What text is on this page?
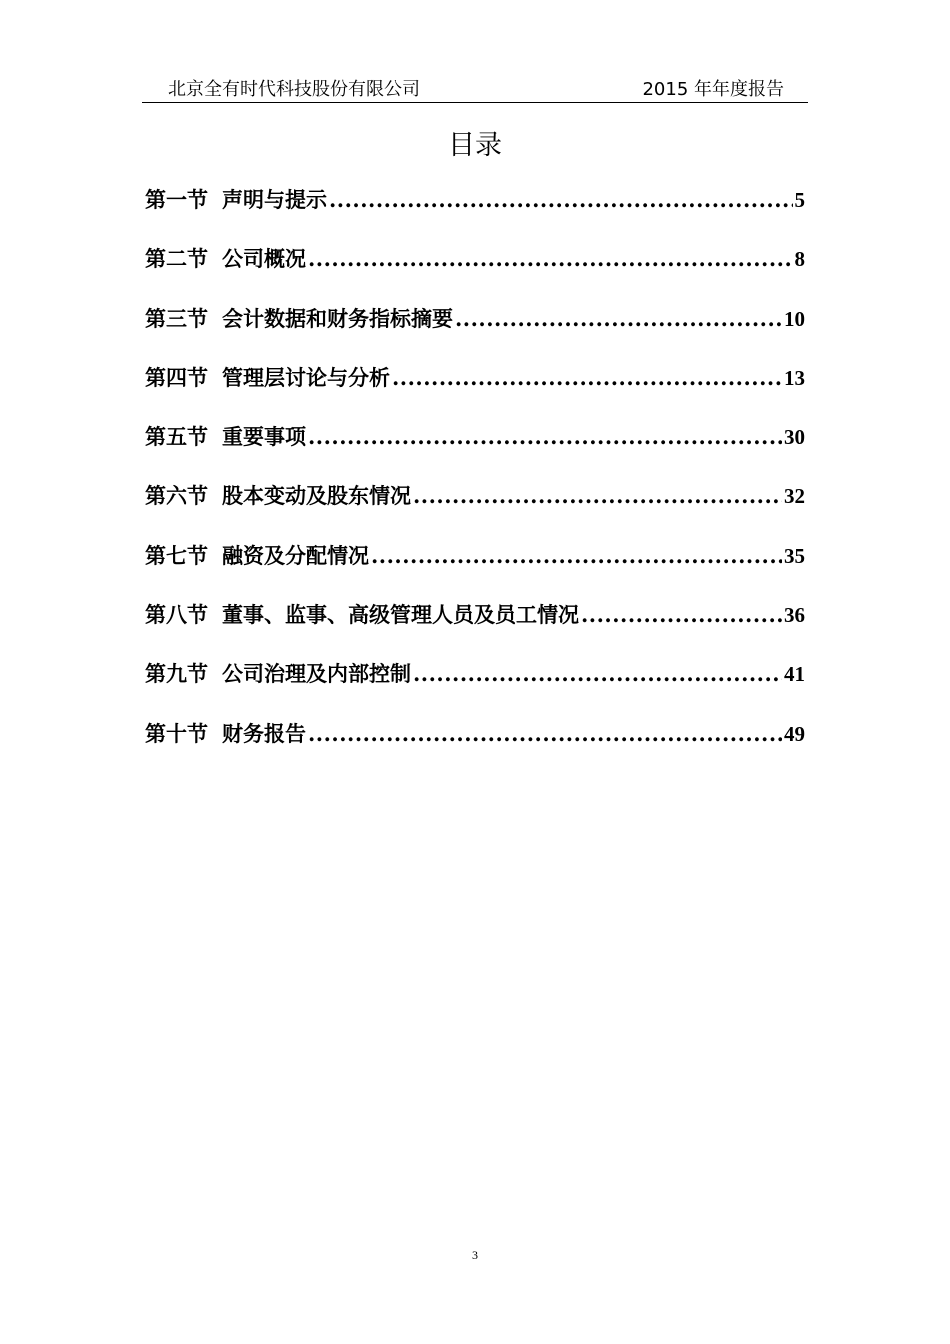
北京全有时代科技股份有限公司	2015 年年度报告
目录
第一节 声明与提示 .....	5
第二节 公司概况 .....	8
第三节 会计数据和财务指标摘要 .....	10
第四节 管理层讨论与分析 .....	13
第五节 重要事项 .....	30
第六节 股本变动及股东情况 .....	32
第七节 融资及分配情况 .....	35
第八节 董事、监事、高级管理人员及员工情况 .....	36
第九节 公司治理及内部控制 .....	41
第十节 财务报告 .....	49
3
